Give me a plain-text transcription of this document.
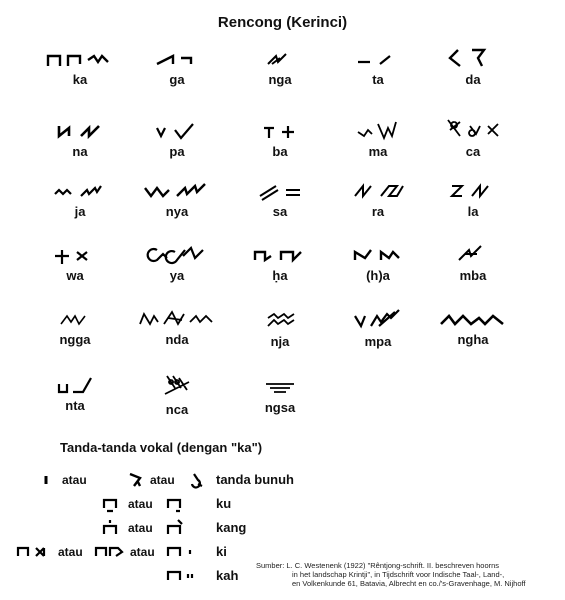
Rencong (Kerinci)
ka	ga	nga	ta	da
na	pa	ba	ma	ca
ja	nya	sa	ra	la
wa	ya	ḥa	(h)a	mba
ngga	nda	nja	mpa	ngha
nta	nca	ngsa
Tanda-tanda vokal (dengan "ka")
atau	atau	tanda bunuh
atau	ku
atau	kang
atau	atau	ki
kah
Sumber: L. C. Westenenk (1922) "Rêntjong-schrift. II. beschreven hoorns
in het landschap Krintji", in Tijdschrift voor Indische Taal-, Land-,
en Volkenkunde 61, Batavia, Albrecht en co./'s-Gravenhage, M. Nijhoff
